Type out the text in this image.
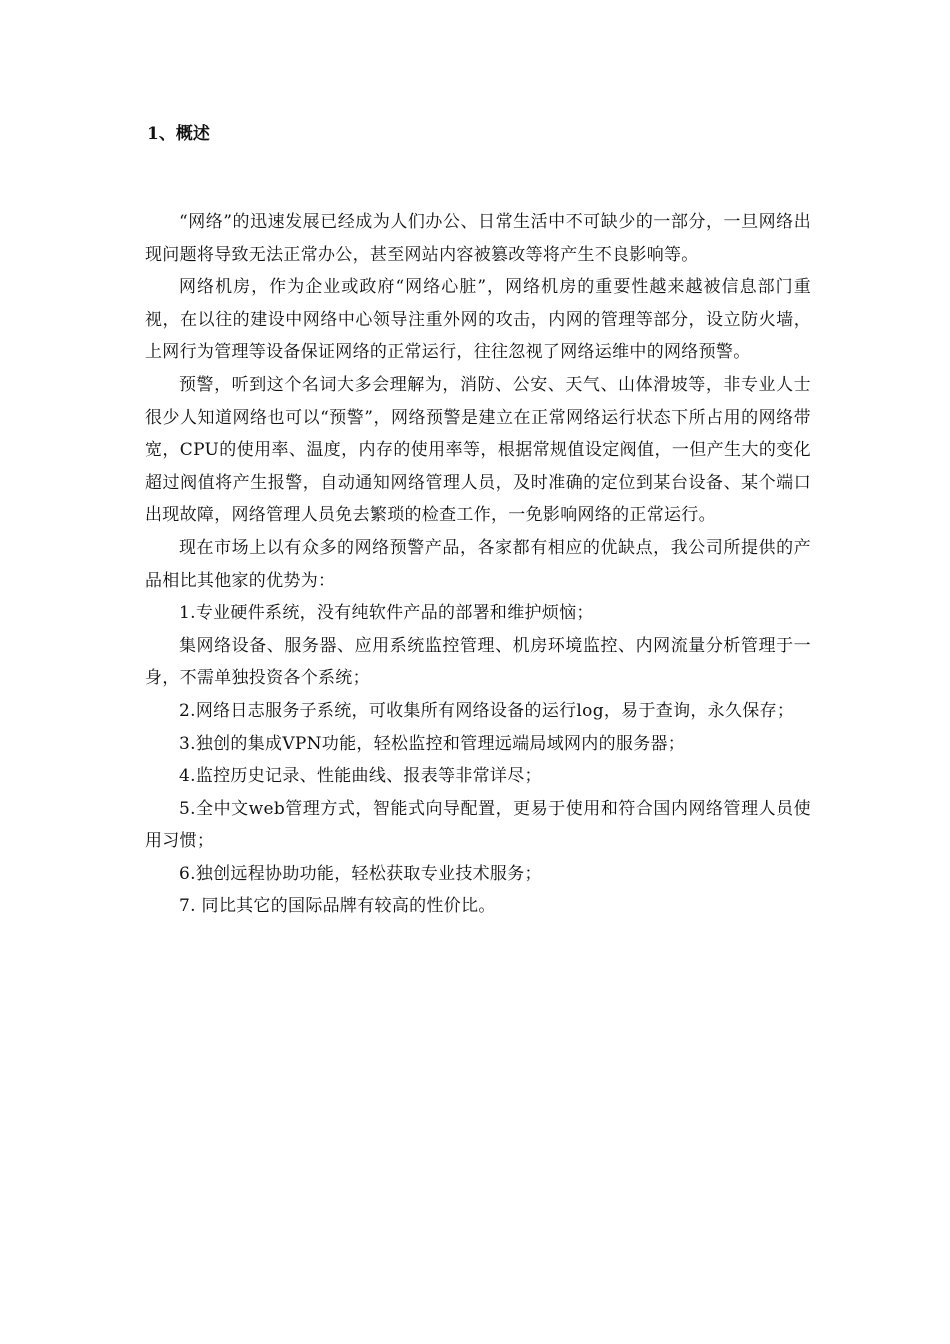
1、概述

“网络”的迅速发展已经成为人们办公、日常生活中不可缺少的一部分，一旦网络出现问题将导致无法正常办公，甚至网站内容被篡改等将产生不良影响等。

网络机房，作为企业或政府“网络心脏”，网络机房的重要性越来越被信息部门重视，在以往的建设中网络中心领导注重外网的攻击，内网的管理等部分，设立防火墙，上网行为管理等设备保证网络的正常运行，往往忽视了网络运维中的网络预警。

预警，听到这个名词大多会理解为，消防、公安、天气、山体滑坡等，非专业人士很少人知道网络也可以“预警”，网络预警是建立在正常网络运行状态下所占用的网络带宽，CPU的使用率、温度，内存的使用率等，根据常规值设定阀值，一但产生大的变化超过阀值将产生报警，自动通知网络管理人员，及时准确的定位到某台设备、某个端口出现故障，网络管理人员免去繁琐的检查工作，一免影响网络的正常运行。

现在市场上以有众多的网络预警产品，各家都有相应的优缺点，我公司所提供的产品相比其他家的优势为：

1.专业硬件系统，没有纯软件产品的部署和维护烦恼；

集网络设备、服务器、应用系统监控管理、机房环境监控、内网流量分析管理于一身，不需单独投资各个系统；

2.网络日志服务子系统，可收集所有网络设备的运行log，易于查询，永久保存；

3.独创的集成VPN功能，轻松监控和管理远端局域网内的服务器；

4.监控历史记录、性能曲线、报表等非常详尽；

5.全中文web管理方式，智能式向导配置，更易于使用和符合国内网络管理人员使用习惯；

6.独创远程协助功能，轻松获取专业技术服务；

7. 同比其它的国际品牌有较高的性价比。
